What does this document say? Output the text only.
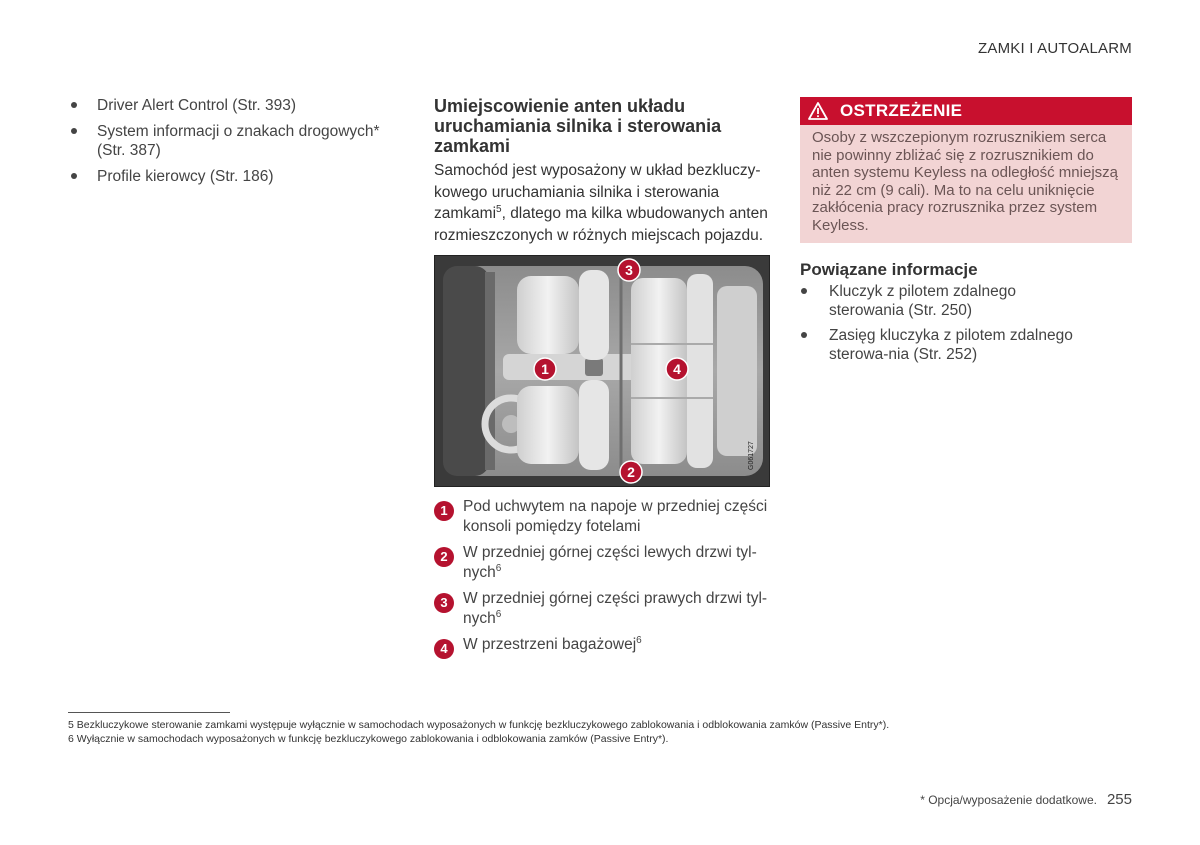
ZAMKI I AUTOALARM
Driver Alert Control (Str. 393)
System informacji o znakach drogowych* (Str. 387)
Profile kierowcy (Str. 186)
Umiejscowienie anten układu uruchamiania silnika i sterowania zamkami

Samochód jest wyposażony w układ bezkluczy-kowego uruchamiania silnika i sterowania zamkami$^5$, dlatego ma kilka wbudowanych anten rozmieszczonych w różnych miejscach pojazdu.

G061727
1
2
3
4
1 Pod uchwytem na napoje w przedniej części konsoli pomiędzy fotelami
2 W przedniej górnej części lewych drzwi tyl-nych$^6$
3 W przedniej górnej części prawych drzwi tyl-nych$^6$
4 W przestrzeni bagażowej$^6$
OSTRZEŻENIE
Osoby z wszczepionym rozrusznikiem serca nie powinny zbliżać się z rozrusznikiem do anten systemu Keyless na odległość mniejszą niż 22 cm (9 cali). Ma to na celu uniknięcie zakłócenia pracy rozrusznika przez system Keyless.
Powiązane informacje
Kluczyk z pilotem zdalnego sterowania (Str. 250)
Zasięg kluczyka z pilotem zdalnego sterowa-nia (Str. 252)
5 Bezkluczykowe sterowanie zamkami występuje wyłącznie w samochodach wyposażonych w funkcję bezkluczykowego zablokowania i odblokowania zamków (Passive Entry*).
6 Wyłącznie w samochodach wyposażonych w funkcję bezkluczykowego zablokowania i odblokowania zamków (Passive Entry*).
* Opcja/wyposażenie dodatkowe. 255
